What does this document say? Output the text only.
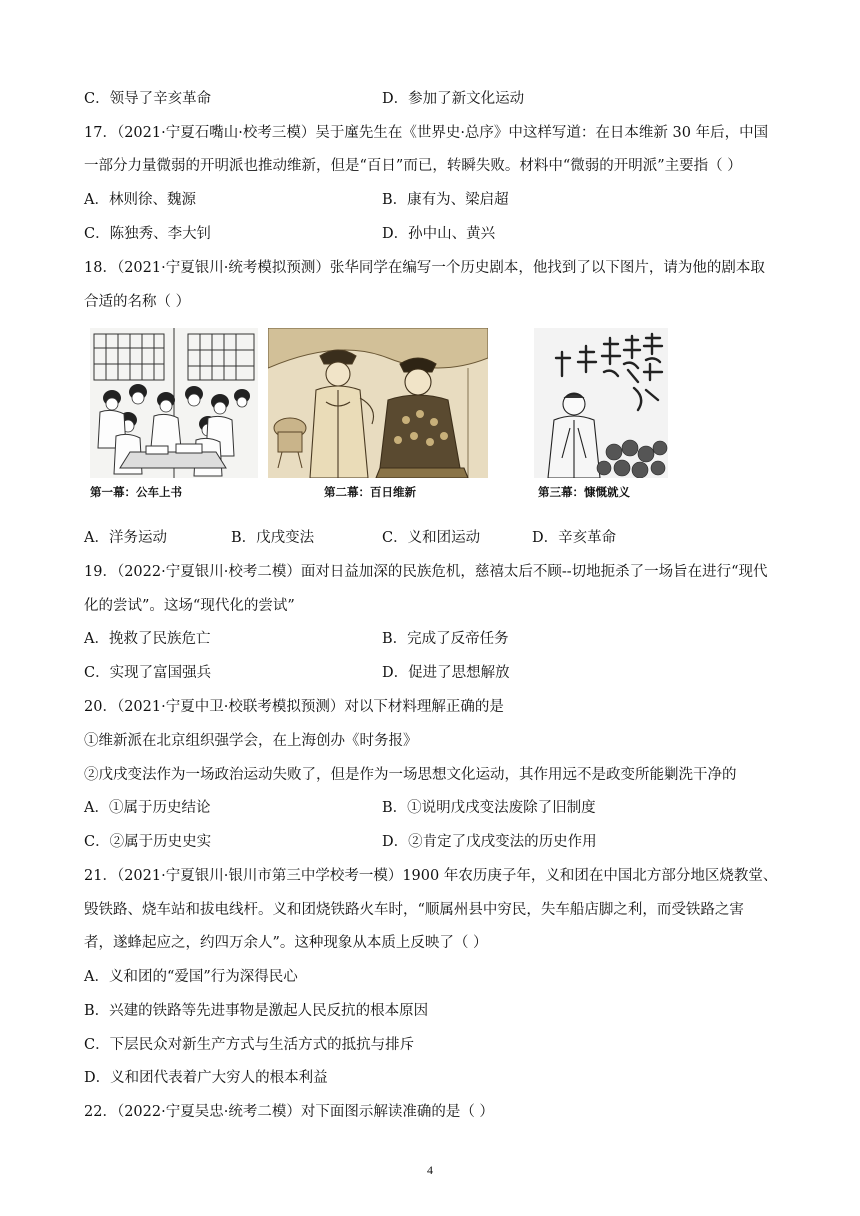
C．领导了辛亥革命	D．参加了新文化运动
17．（2021·宁夏石嘴山·校考三模）吴于廑先生在《世界史·总序》中这样写道：在日本维新 30 年后，中国
一部分力量微弱的开明派也推动维新，但是“百日”而已，转瞬失败。材料中“微弱的开明派”主要指（ ）
A．林则徐、魏源	B．康有为、梁启超
C．陈独秀、李大钊	D．孙中山、黄兴
18．（2021·宁夏银川·统考模拟预测）张华同学在编写一个历史剧本，他找到了以下图片，请为他的剧本取
合适的名称（ ）
第一幕：公车上书	第二幕：百日维新	第三幕：慷慨就义
A．洋务运动	B．戊戌变法	C．义和团运动	D．辛亥革命
19．（2022·宁夏银川·校考二模）面对日益加深的民族危机，慈禧太后不顾--切地扼杀了一场旨在进行“现代
化的尝试”。这场“现代化的尝试”
A．挽救了民族危亡	B．完成了反帝任务
C．实现了富国强兵	D．促进了思想解放
20．（2021·宁夏中卫·校联考模拟预测）对以下材料理解正确的是
①维新派在北京组织强学会，在上海创办《时务报》
②戊戌变法作为一场政治运动失败了，但是作为一场思想文化运动，其作用远不是政变所能剿洗干净的
A．①属于历史结论	B．①说明戊戌变法废除了旧制度
C．②属于历史史实	D．②肯定了戊戌变法的历史作用
21．（2021·宁夏银川·银川市第三中学校考一模）1900 年农历庚子年，义和团在中国北方部分地区烧教堂、
毁铁路、烧车站和拔电线杆。义和团烧铁路火车时，“顺属州县中穷民，失车船店脚之利，而受铁路之害
者，遂蜂起应之，约四万余人”。这种现象从本质上反映了（ ）
A．义和团的“爱国”行为深得民心
B．兴建的铁路等先进事物是激起人民反抗的根本原因
C．下层民众对新生产方式与生活方式的抵抗与排斥
D．义和团代表着广大穷人的根本利益
22．（2022·宁夏吴忠·统考二模）对下面图示解读准确的是（ ）
4
